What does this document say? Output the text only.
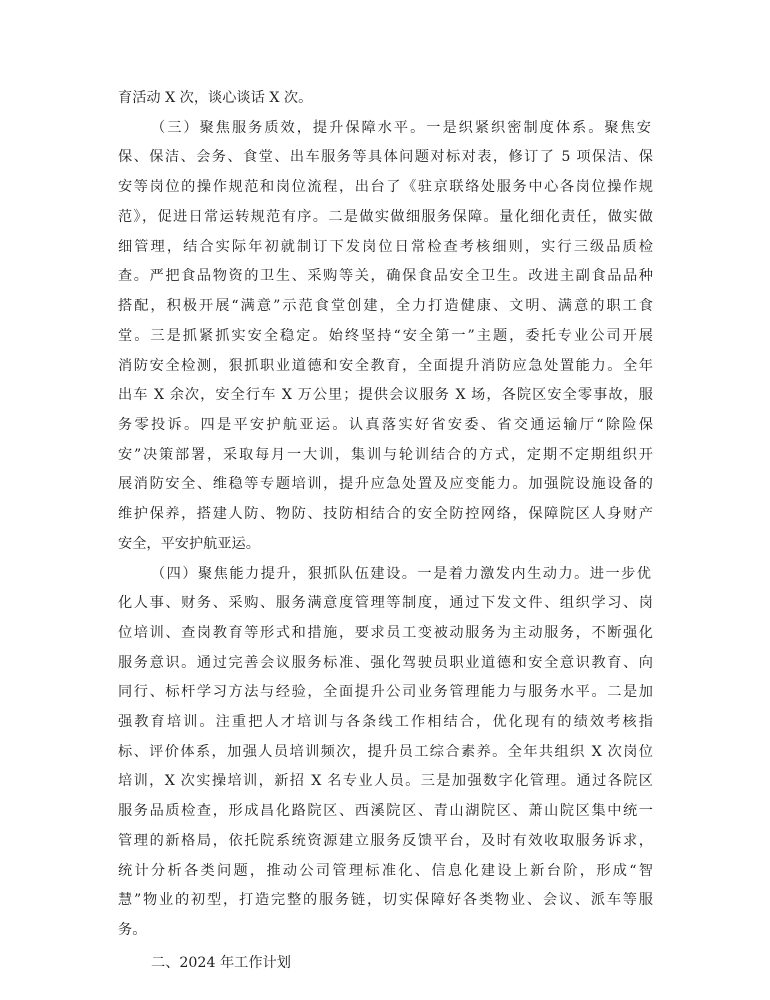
育活动 X 次，谈心谈话 X 次。
（三）聚焦服务质效，提升保障水平。一是织紧织密制度体系。聚焦安
保、保洁、会务、食堂、出车服务等具体问题对标对表，修订了 5 项保洁、保
安等岗位的操作规范和岗位流程，出台了《驻京联络处服务中心各岗位操作规
范》，促进日常运转规范有序。二是做实做细服务保障。量化细化责任，做实做
细管理，结合实际年初就制订下发岗位日常检查考核细则，实行三级品质检
查。严把食品物资的卫生、采购等关，确保食品安全卫生。改进主副食品品种
搭配，积极开展“满意”示范食堂创建，全力打造健康、文明、满意的职工食
堂。三是抓紧抓实安全稳定。始终坚持“安全第一”主题，委托专业公司开展
消防安全检测，狠抓职业道德和安全教育，全面提升消防应急处置能力。全年
出车 X 余次，安全行车 X 万公里；提供会议服务 X 场，各院区安全零事故，服
务零投诉。四是平安护航亚运。认真落实好省安委、省交通运输厅“除险保
安”决策部署，采取每月一大训，集训与轮训结合的方式，定期不定期组织开
展消防安全、维稳等专题培训，提升应急处置及应变能力。加强院设施设备的
维护保养，搭建人防、物防、技防相结合的安全防控网络，保障院区人身财产
安全，平安护航亚运。
（四）聚焦能力提升，狠抓队伍建设。一是着力激发内生动力。进一步优
化人事、财务、采购、服务满意度管理等制度，通过下发文件、组织学习、岗
位培训、查岗教育等形式和措施，要求员工变被动服务为主动服务，不断强化
服务意识。通过完善会议服务标准、强化驾驶员职业道德和安全意识教育、向
同行、标杆学习方法与经验，全面提升公司业务管理能力与服务水平。二是加
强教育培训。注重把人才培训与各条线工作相结合，优化现有的绩效考核指
标、评价体系，加强人员培训频次，提升员工综合素养。全年共组织 X 次岗位
培训，X 次实操培训，新招 X 名专业人员。三是加强数字化管理。通过各院区
服务品质检查，形成昌化路院区、西溪院区、青山湖院区、萧山院区集中统一
管理的新格局，依托院系统资源建立服务反馈平台，及时有效收取服务诉求，
统计分析各类问题，推动公司管理标准化、信息化建设上新台阶，形成“智
慧”物业的初型，打造完整的服务链，切实保障好各类物业、会议、派车等服
务。
二、2024 年工作计划
